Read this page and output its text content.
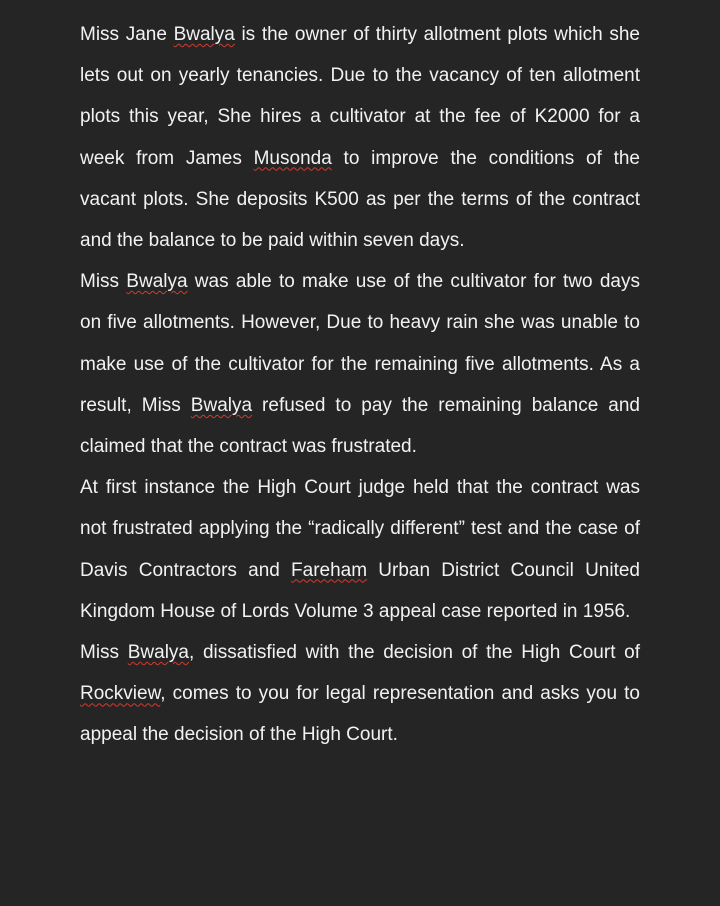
Miss Jane Bwalya is the owner of thirty allotment plots which she lets out on yearly tenancies. Due to the vacancy of ten allotment plots this year, She hires a cultivator at the fee of K2000 for a week from James Musonda to improve the conditions of the vacant plots. She deposits K500 as per the terms of the contract and the balance to be paid within seven days.

Miss Bwalya was able to make use of the cultivator for two days on five allotments. However, Due to heavy rain she was unable to make use of the cultivator for the remaining five allotments. As a result, Miss Bwalya refused to pay the remaining balance and claimed that the contract was frustrated.

At first instance the High Court judge held that the contract was not frustrated applying the “radically different” test and the case of Davis Contractors and Fareham Urban District Council United Kingdom House of Lords Volume 3 appeal case reported in 1956.

Miss Bwalya, dissatisfied with the decision of the High Court of Rockview, comes to you for legal representation and asks you to appeal the decision of the High Court.
